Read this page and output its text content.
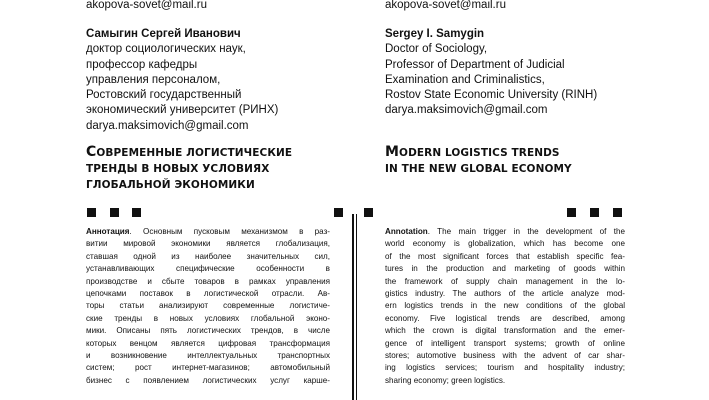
akopova-sovet@mail.ru
Самыгин Сергей Иванович
доктор социологических наук,
профессор кафедры
управления персоналом,
Ростовский государственный
экономический университет (РИНХ)
darya.maksimovich@gmail.com
СОВРЕМЕННЫЕ ЛОГИСТИЧЕСКИЕ
ТРЕНДЫ В НОВЫХ УСЛОВИЯХ
ГЛОБАЛЬНОЙ ЭКОНОМИКИ
Аннотация. Основным пусковым механизмом в раз-
витии мировой экономики является глобализация,
ставшая одной из наиболее значительных сил,
устанавливающих специфические особенности в
производстве и сбыте товаров в рамках управления
цепочками поставок в логистической отрасли. Ав-
торы статьи анализируют современные логистиче-
ские тренды в новых условиях глобальной эконо-
мики. Описаны пять логистических трендов, в числе
которых венцом является цифровая трансформация
и возникновение интеллектуальных транспортных
систем; рост интернет-магазинов; автомобильный
бизнес с появлением логистических услуг карше-
akopova-sovet@mail.ru
Sergey I. Samygin
Doctor of Sociology,
Professor of Department of Judicial
Examination and Criminalistics,
Rostov State Economic University (RINH)
darya.maksimovich@gmail.com
MODERN LOGISTICS TRENDS
IN THE NEW GLOBAL ECONOMY
Annotation. The main trigger in the development of the
world economy is globalization, which has become one
of the most significant forces that establish specific fea-
tures in the production and marketing of goods within
the framework of supply chain management in the lo-
gistics industry. The authors of the article analyze mod-
ern logistics trends in the new conditions of the global
economy. Five logistical trends are described, among
which the crown is digital transformation and the emer-
gence of intelligent transport systems; growth of online
stores; automotive business with the advent of car shar-
ing logistics services; tourism and hospitality industry;
sharing economy; green logistics.
